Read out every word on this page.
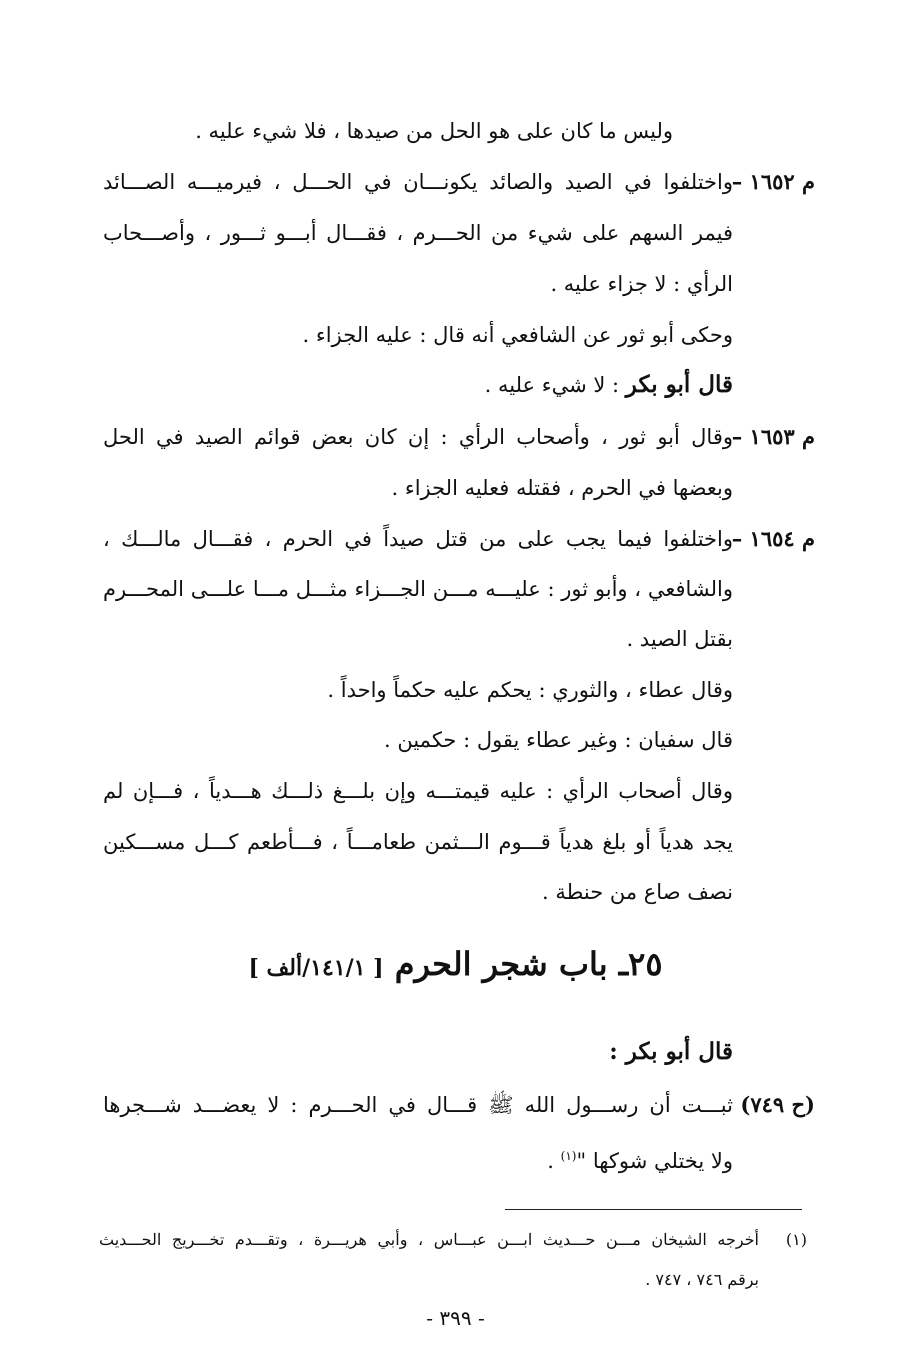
وليس ما كان على هو الحل من صيدها ، فلا شيء عليه .
م ١٦٥٢ –
واختلفوا في الصيد والصائد يكونـــان في الحـــل ، فيرميـــه الصـــائد
فيمر السهم على شيء من الحـــرم ، فقـــال أبـــو ثـــور ، وأصـــحاب
الرأي : لا جزاء عليه .
وحكى أبو ثور عن الشافعي أنه قال : عليه الجزاء .
قال أبو بكر : لا شيء عليه .
م ١٦٥٣ –
وقال أبو ثور ، وأصحاب الرأي : إن كان بعض قوائم الصيد في الحل
وبعضها في الحرم ، فقتله فعليه الجزاء .
م ١٦٥٤ –
واختلفوا فيما يجب على من قتل صيداً في الحرم ، فقـــال مالـــك ،
والشافعي ، وأبو ثور : عليـــه مـــن الجـــزاء مثـــل مـــا علـــى المحـــرم
بقتل الصيد .
وقال عطاء ، والثوري : يحكم عليه حكماً واحداً .
قال سفيان : وغير عطاء يقول : حكمين .
وقال أصحاب الرأي : عليه قيمتـــه وإن بلـــغ ذلـــك هـــدياً ، فـــإن لم
يجد هدياً أو بلغ هدياً قـــوم الـــثمن طعامـــاً ، فـــأطعم كـــل مســـكين
نصف صاع من حنطة .
٢٥ـ باب شجر الحرم [ ١٤١/١/ألف ]
قال أبو بكر :
(ح ٧٤٩)
ثبـــت أن رســـول الله ﷺ قـــال في الحـــرم : لا يعضـــد شـــجرها
ولا يختلي شوكها "$^{(١)}$ .
(١)
أخرجه الشيخان مـــن حـــديث ابـــن عبـــاس ، وأبي هريـــرة ، وتقـــدم تخـــريج الحـــديث
برقم ٧٤٦ ، ٧٤٧ .
- ٣٩٩ -
